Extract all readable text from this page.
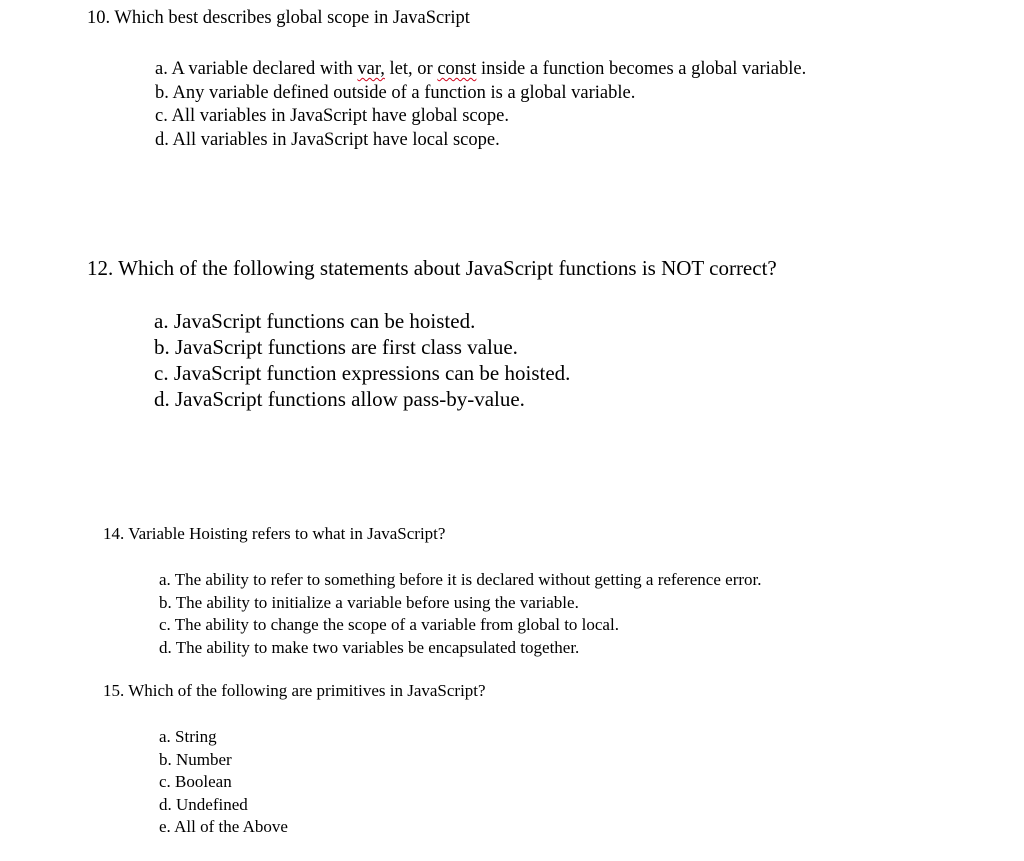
10. Which best describes global scope in JavaScript
a. A variable declared with var, let, or const inside a function becomes a global variable.
b. Any variable defined outside of a function is a global variable.
c. All variables in JavaScript have global scope.
d. All variables in JavaScript have local scope.
12. Which of the following statements about JavaScript functions is NOT correct?
a. JavaScript functions can be hoisted.
b. JavaScript functions are first class value.
c. JavaScript function expressions can be hoisted.
d. JavaScript functions allow pass-by-value.
14. Variable Hoisting refers to what in JavaScript?
a. The ability to refer to something before it is declared without getting a reference error.
b. The ability to initialize a variable before using the variable.
c. The ability to change the scope of a variable from global to local.
d. The ability to make two variables be encapsulated together.
15. Which of the following are primitives in JavaScript?
a. String
b. Number
c. Boolean
d. Undefined
e. All of the Above
